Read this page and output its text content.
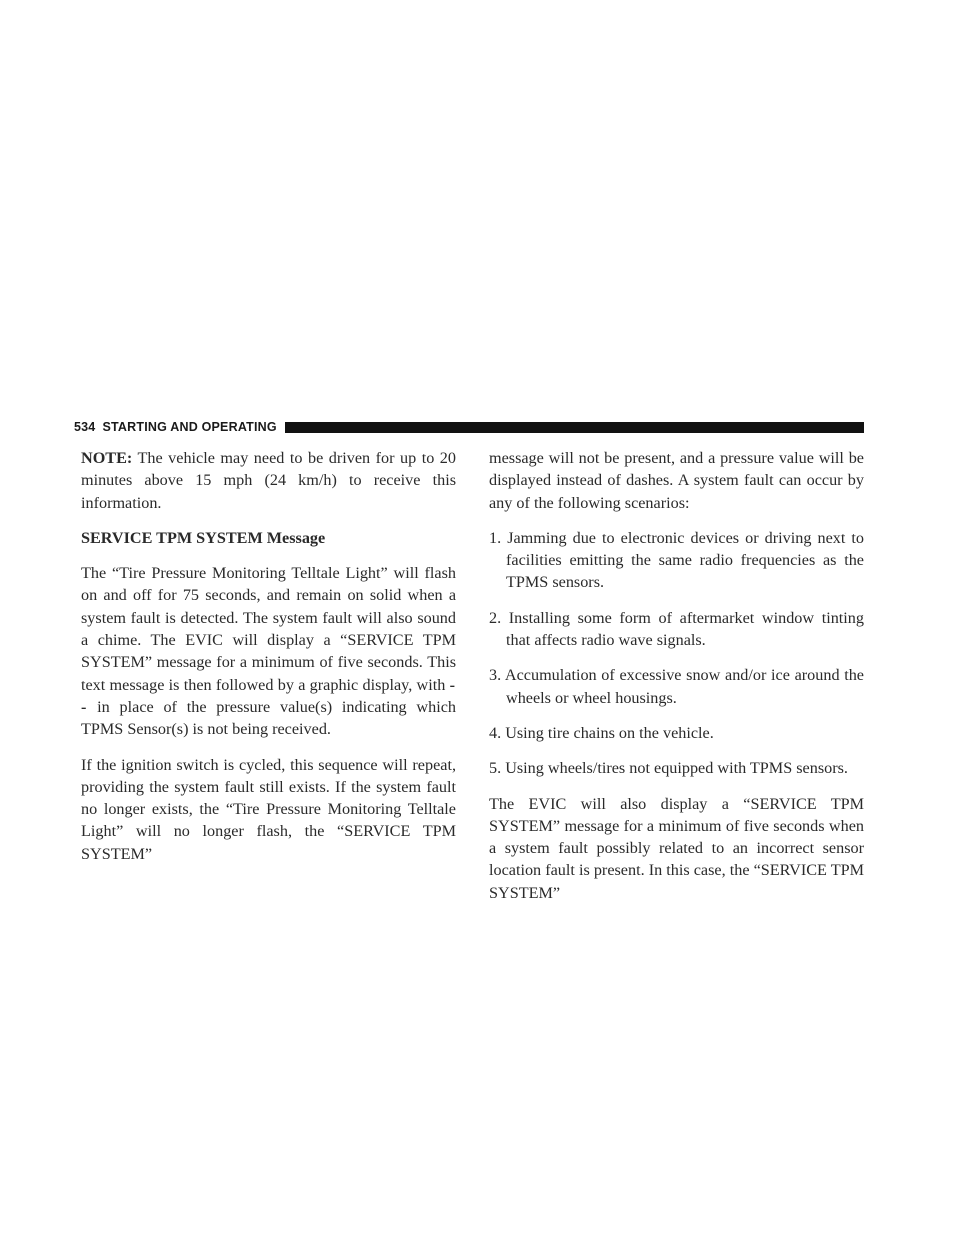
534 STARTING AND OPERATING

NOTE: The vehicle may need to be driven for up to 20 minutes above 15 mph (24 km/h) to receive this information.

SERVICE TPM SYSTEM Message

The “Tire Pressure Monitoring Telltale Light” will flash on and off for 75 seconds, and remain on solid when a system fault is detected. The system fault will also sound a chime. The EVIC will display a “SERVICE TPM SYSTEM” message for a minimum of five seconds. This text message is then followed by a graphic display, with - - in place of the pressure value(s) indicating which TPMS Sensor(s) is not being received.

If the ignition switch is cycled, this sequence will repeat, providing the system fault still exists. If the system fault no longer exists, the “Tire Pressure Monitoring Telltale Light” will no longer flash, the “SERVICE TPM SYSTEM”

message will not be present, and a pressure value will be displayed instead of dashes. A system fault can occur by any of the following scenarios:

1. Jamming due to electronic devices or driving next to facilities emitting the same radio frequencies as the TPMS sensors.
2. Installing some form of aftermarket window tinting that affects radio wave signals.
3. Accumulation of excessive snow and/or ice around the wheels or wheel housings.
4. Using tire chains on the vehicle.
5. Using wheels/tires not equipped with TPMS sensors.

The EVIC will also display a “SERVICE TPM SYSTEM” message for a minimum of five seconds when a system fault possibly related to an incorrect sensor location fault is present. In this case, the “SERVICE TPM SYSTEM”
